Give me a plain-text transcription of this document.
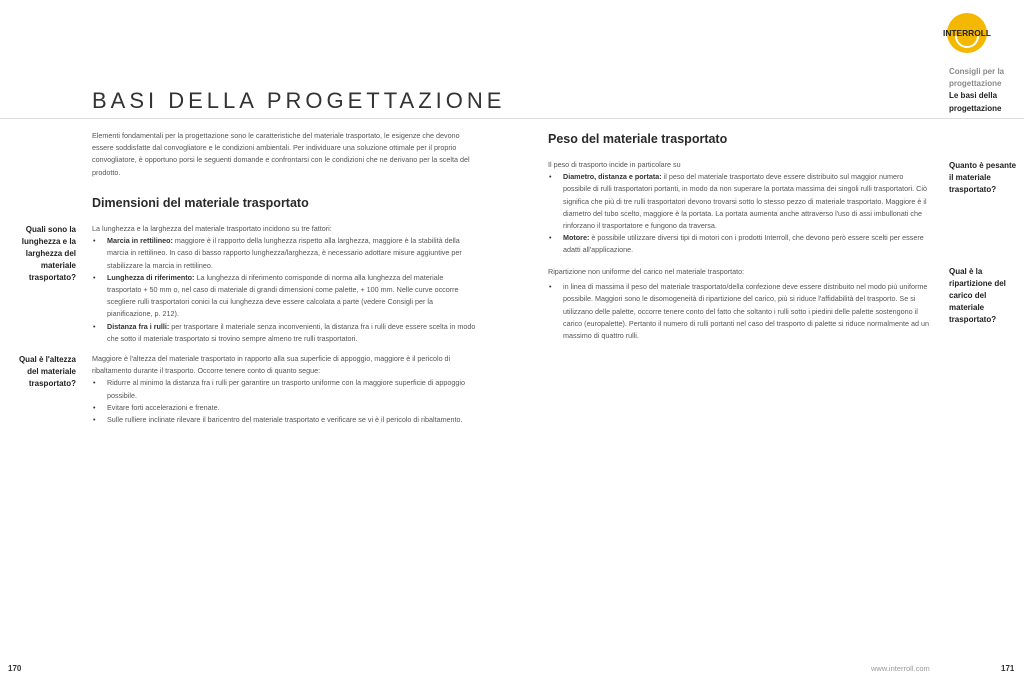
BASI DELLA PROGETTAZIONE
INTERROLL
Consigli per la progettazione
Le basi della progettazione
Elementi fondamentali per la progettazione sono le caratteristiche del materiale trasportato, le esigenze che devono essere soddisfatte dal convogliatore e le condizioni ambientali. Per individuare una soluzione ottimale per il proprio convogliatore, è opportuno porsi le seguenti domande e confrontarsi con le condizioni che ne derivano per la scelta del prodotto.
Dimensioni del materiale trasportato
Quali sono la lunghezza e la larghezza del materiale trasportato?
La lunghezza e la larghezza del materiale trasportato incidono su tre fattori:
• Marcia in rettilineo: maggiore è il rapporto della lunghezza rispetto alla larghezza, maggiore è la stabilità della marcia in rettilineo. In caso di basso rapporto lunghezza/larghezza, è necessario adottare misure aggiuntive per stabilizzare la marcia in rettilineo.
• Lunghezza di riferimento: La lunghezza di riferimento corrisponde di norma alla lunghezza del materiale trasportato + 50 mm o, nel caso di materiale di grandi dimensioni come palette, + 100 mm. Nelle curve occorre scegliere rulli trasportatori conici la cui lunghezza deve essere calcolata a parte (vedere Consigli per la pianificazione, p. 212).
• Distanza fra i rulli: per trasportare il materiale senza inconvenienti, la distanza fra i rulli deve essere scelta in modo che sotto il materiale trasportato si trovino sempre almeno tre rulli trasportatori.
Qual è l'altezza del materiale trasportato?
Maggiore è l'altezza del materiale trasportato in rapporto alla sua superficie di appoggio, maggiore è il pericolo di ribaltamento durante il trasporto. Occorre tenere conto di quanto segue:
• Ridurre al minimo la distanza fra i rulli per garantire un trasporto uniforme con la maggiore superficie di appoggio possibile.
• Evitare forti accelerazioni e frenate.
• Sulle rulliere inclinate rilevare il baricentro del materiale trasportato e verificare se vi è il pericolo di ribaltamento.
Peso del materiale trasportato
Il peso di trasporto incide in particolare su
• Diametro, distanza e portata: il peso del materiale trasportato deve essere distribuito sul maggior numero possibile di rulli trasportatori portanti, in modo da non superare la portata massima dei singoli rulli trasportatori. Ciò significa che più di tre rulli trasportatori devono trovarsi sotto lo stesso pezzo di materiale trasportato. Maggiore è il diametro del tubo scelto, maggiore è la portata. La portata aumenta anche attraverso l'uso di assi imbullonati che rinforzano il trasportatore e fungono da traversa.
• Motore: è possibile utilizzare diversi tipi di motori con i prodotti Interroll, che devono però essere scelti per essere adatti all'applicazione.
Ripartizione non uniforme del carico nel materiale trasportato:
• in linea di massima il peso del materiale trasportato/della confezione deve essere distribuito nel modo più uniforme possibile. Maggiori sono le disomogeneità di ripartizione del carico, più si riduce l'affidabilità del trasporto. Se si utilizzano delle palette, occorre tenere conto del fatto che soltanto i rulli sotto i piedini delle palette sostengono il carico (europalette). Pertanto il numero di rulli portanti nel caso del trasporto di palette si riduce normalmente ad un massimo di quattro rulli.
Quanto è pesante il materiale trasportato?
Qual è la ripartizione del carico del materiale trasportato?
170	www.interroll.com	171
